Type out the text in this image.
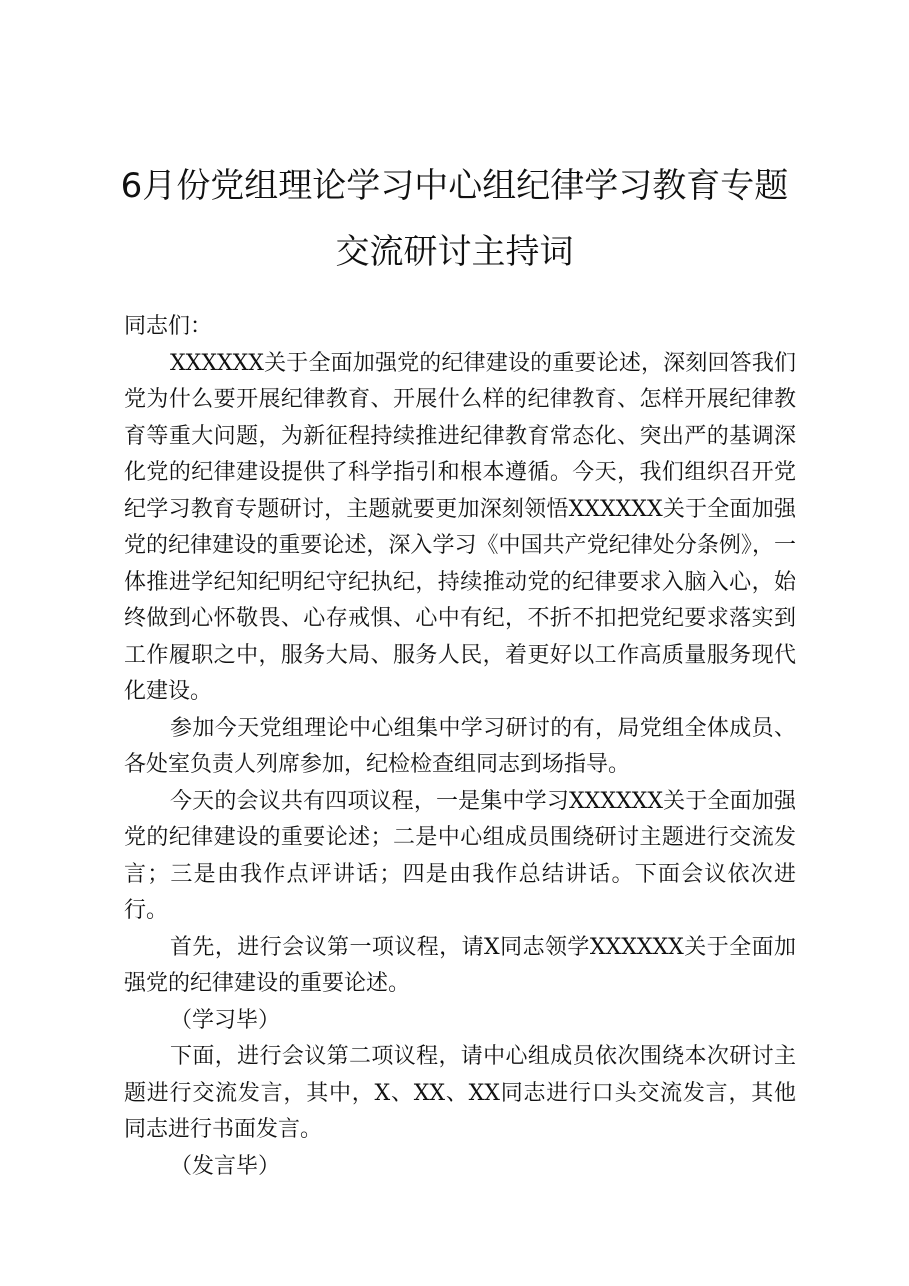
6月份党组理论学习中心组纪律学习教育专题
交流研讨主持词

同志们：

XXXXXX关于全面加强党的纪律建设的重要论述，深刻回答我们党为什么要开展纪律教育、开展什么样的纪律教育、怎样开展纪律教育等重大问题，为新征程持续推进纪律教育常态化、突出严的基调深化党的纪律建设提供了科学指引和根本遵循。今天，我们组织召开党纪学习教育专题研讨，主题就要更加深刻领悟XXXXXX关于全面加强党的纪律建设的重要论述，深入学习《中国共产党纪律处分条例》，一体推进学纪知纪明纪守纪执纪，持续推动党的纪律要求入脑入心，始终做到心怀敬畏、心存戒惧、心中有纪，不折不扣把党纪要求落实到工作履职之中，服务大局、服务人民，着更好以工作高质量服务现代化建设。

参加今天党组理论中心组集中学习研讨的有，局党组全体成员、各处室负责人列席参加，纪检检查组同志到场指导。

今天的会议共有四项议程，一是集中学习XXXXXX关于全面加强党的纪律建设的重要论述；二是中心组成员围绕研讨主题进行交流发言；三是由我作点评讲话；四是由我作总结讲话。下面会议依次进行。

首先，进行会议第一项议程，请X同志领学XXXXXX关于全面加强党的纪律建设的重要论述。

（学习毕）

下面，进行会议第二项议程，请中心组成员依次围绕本次研讨主题进行交流发言，其中，X、XX、XX同志进行口头交流发言，其他同志进行书面发言。

（发言毕）
